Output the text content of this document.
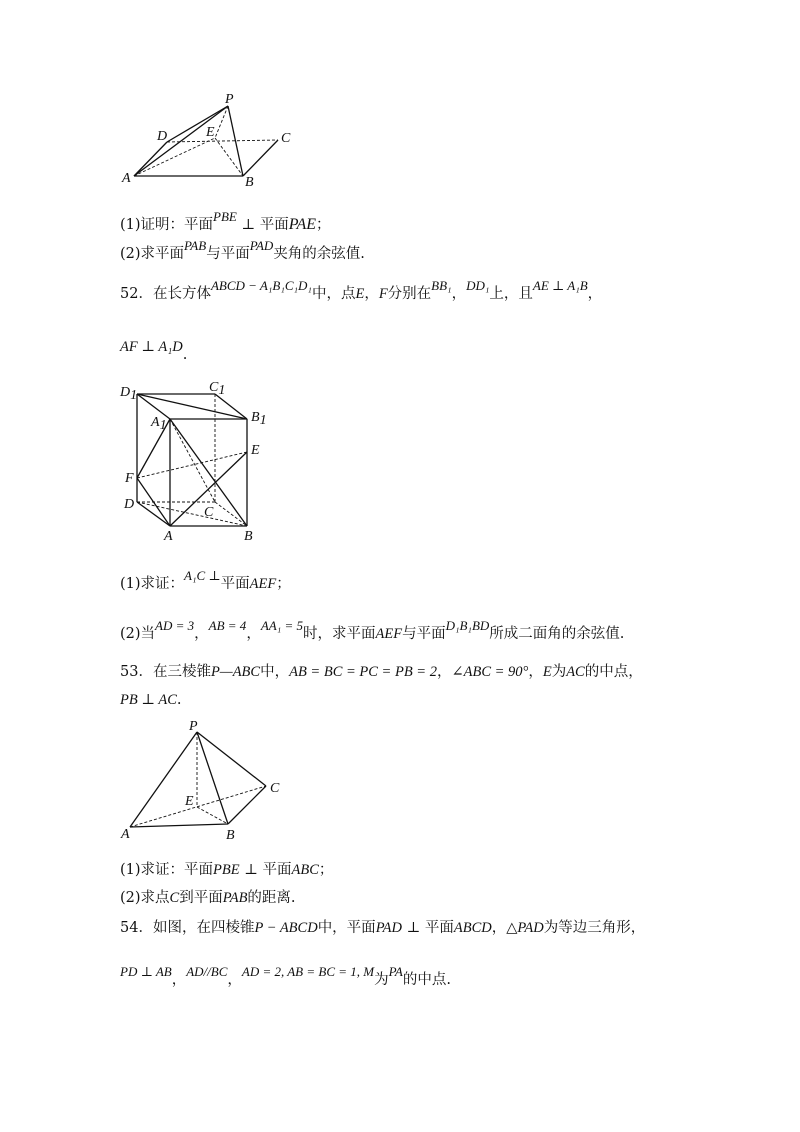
P
D	E	C
A	B
(1)证明：平面PBE ⊥ 平面PAE；
(2)求平面PAB与平面PAD夹角的余弦值.
52．在长方体ABCD − A₁B₁C₁D₁中，点E，F分别在BB₁，DD₁上，且AE ⊥ A₁B，
AF ⊥ A₁D.
D1
C1
B1
A1
E
F
D
C
A	B
(1)求证：A₁C ⊥平面AEF；
(2)当AD = 3，AB = 4，AA₁ = 5时，求平面AEF与平面D₁B₁BD所成二面角的余弦值.
53．在三棱锥P—ABC中，AB = BC = PC = PB = 2，∠ABC = 90°，E为AC的中点，
PB ⊥ AC.
P
C
E
A	B
(1)求证：平面PBE ⊥ 平面ABC；
(2)求点C到平面PAB的距离.
54．如图，在四棱锥P − ABCD中，平面PAD ⊥ 平面ABCD，△PAD为等边三角形，
PD ⊥ AB，AD//BC，AD = 2, AB = BC = 1, M为PA的中点.
